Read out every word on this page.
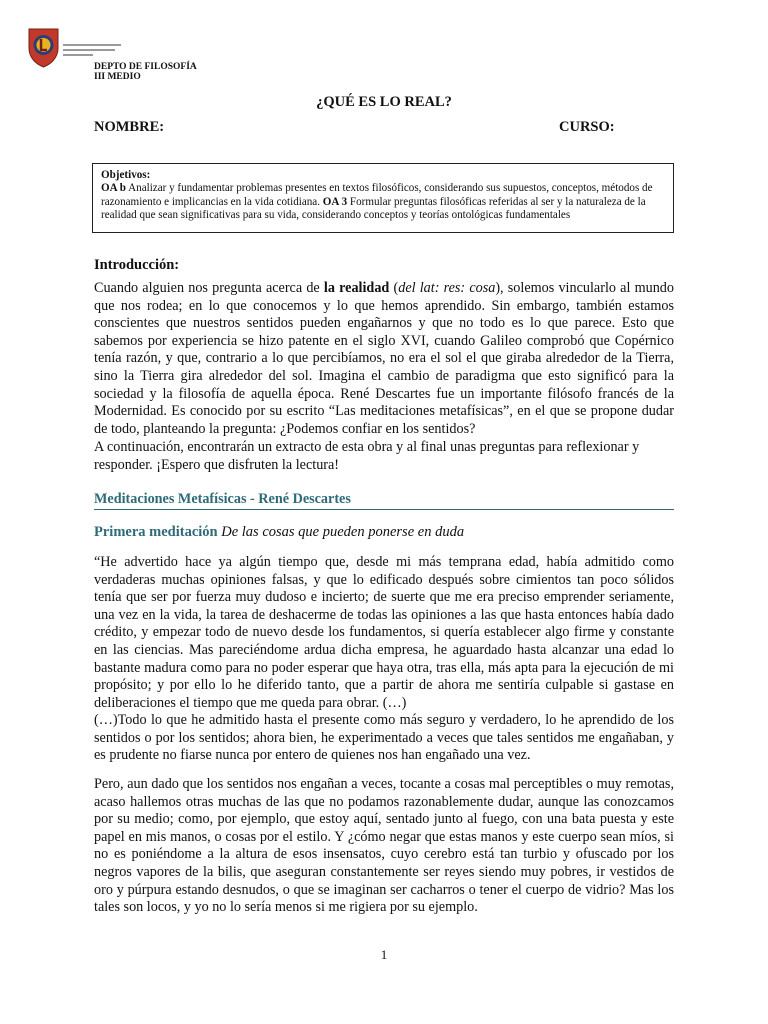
DEPTO DE FILOSOFÍA
III MEDIO
¿QUÉ ES LO REAL?
NOMBRE:	CURSO:
Objetivos:
OA b Analizar y fundamentar problemas presentes en textos filosóficos, considerando sus supuestos, conceptos, métodos de razonamiento e implicancias en la vida cotidiana. OA 3 Formular preguntas filosóficas referidas al ser y la naturaleza de la realidad que sean significativas para su vida, considerando conceptos y teorías ontológicas fundamentales
Introducción:

Cuando alguien nos pregunta acerca de la realidad (del lat: res: cosa), solemos vincularlo al mundo que nos rodea; en lo que conocemos y lo que hemos aprendido. Sin embargo, también estamos conscientes que nuestros sentidos pueden engañarnos y que no todo es lo que parece. Esto que sabemos por experiencia se hizo patente en el siglo XVI, cuando Galileo comprobó que Copérnico tenía razón, y que, contrario a lo que percibíamos, no era el sol el que giraba alrededor de la Tierra, sino la Tierra gira alrededor del sol. Imagina el cambio de paradigma que esto significó para la sociedad y la filosofía de aquella época. René Descartes fue un importante filósofo francés de la Modernidad. Es conocido por su escrito “Las meditaciones metafísicas”, en el que se propone dudar de todo, planteando la pregunta: ¿Podemos confiar en los sentidos?

A continuación, encontrarán un extracto de esta obra y al final unas preguntas para reflexionar y responder. ¡Espero que disfruten la lectura!

Meditaciones Metafísicas - René Descartes
Primera meditación De las cosas que pueden ponerse en duda

“He advertido hace ya algún tiempo que, desde mi más temprana edad, había admitido como verdaderas muchas opiniones falsas, y que lo edificado después sobre cimientos tan poco sólidos tenía que ser por fuerza muy dudoso e incierto; de suerte que me era preciso emprender seriamente, una vez en la vida, la tarea de deshacerme de todas las opiniones a las que hasta entonces había dado crédito, y empezar todo de nuevo desde los fundamentos, si quería establecer algo firme y constante en las ciencias. Mas pareciéndome ardua dicha empresa, he aguardado hasta alcanzar una edad lo bastante madura como para no poder esperar que haya otra, tras ella, más apta para la ejecución de mi propósito; y por ello lo he diferido tanto, que a partir de ahora me sentiría culpable si gastase en deliberaciones el tiempo que me queda para obrar. (…)

(…)Todo lo que he admitido hasta el presente como más seguro y verdadero, lo he aprendido de los sentidos o por los sentidos; ahora bien, he experimentado a veces que tales sentidos me engañaban, y es prudente no fiarse nunca por entero de quienes nos han engañado una vez.

Pero, aun dado que los sentidos nos engañan a veces, tocante a cosas mal perceptibles o muy remotas, acaso hallemos otras muchas de las que no podamos razonablemente dudar, aunque las conozcamos por su medio; como, por ejemplo, que estoy aquí, sentado junto al fuego, con una bata puesta y este papel en mis manos, o cosas por el estilo. Y ¿cómo negar que estas manos y este cuerpo sean míos, si no es poniéndome a la altura de esos insensatos, cuyo cerebro está tan turbio y ofuscado por los negros vapores de la bilis, que aseguran constantemente ser reyes siendo muy pobres, ir vestidos de oro y púrpura estando desnudos, o que se imaginan ser cacharros o tener el cuerpo de vidrio? Mas los tales son locos, y yo no lo sería menos si me rigiera por su ejemplo.

1
